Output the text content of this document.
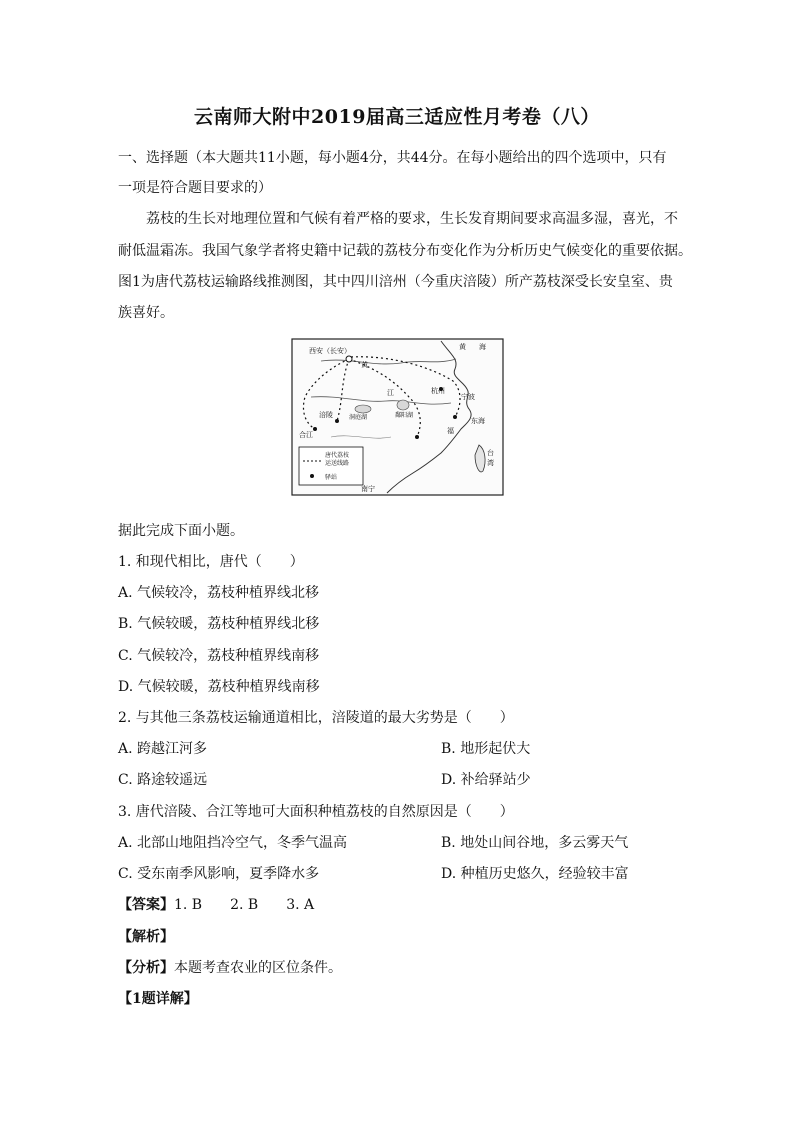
云南师大附中2019届高三适应性月考卷（八）
一、选择题（本大题共11小题，每小题4分，共44分。在每小题给出的四个选项中，只有
一项是符合题目要求的）
荔枝的生长对地理位置和气候有着严格的要求，生长发育期间要求高温多湿，喜光，不
耐低温霜冻。我国气象学者将史籍中记载的荔枝分布变化作为分析历史气候变化的重要依据。
图1为唐代荔枝运输路线推测图，其中四川涪州（今重庆涪陵）所产荔枝深受长安皇室、贵
族喜好。
西安（长安）	黄 海
杭州
宁波
东海
福
台
湾
洞庭湖	鄱阳湖
合江
涪陵
南宁
黄
江
唐代荔枝
运送线路
驿站
据此完成下面小题。
1. 和现代相比，唐代（　　）
A. 气候较冷，荔枝种植界线北移
B. 气候较暖，荔枝种植界线北移
C. 气候较冷，荔枝种植界线南移
D. 气候较暖，荔枝种植界线南移
2. 与其他三条荔枝运输通道相比，涪陵道的最大劣势是（　　）
A. 跨越江河多	B. 地形起伏大
C. 路途较遥远	D. 补给驿站少
3. 唐代涪陵、合江等地可大面积种植荔枝的自然原因是（　　）
A. 北部山地阻挡冷空气，冬季气温高	B. 地处山间谷地，多云雾天气
C. 受东南季风影响，夏季降水多	D. 种植历史悠久，经验较丰富
【答案】1. B　　2. B　　3. A
【解析】
【分析】本题考查农业的区位条件。
【1题详解】
